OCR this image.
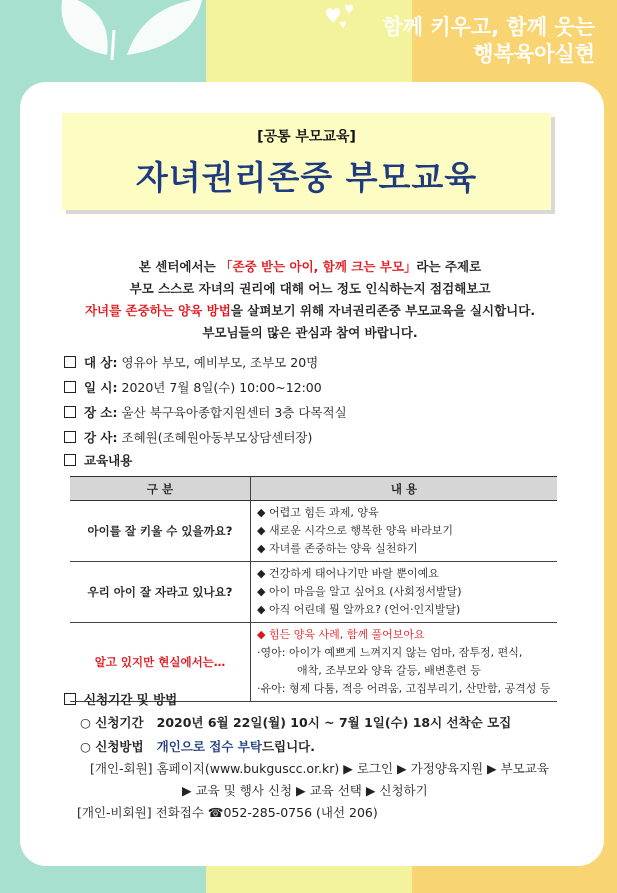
함께 키우고, 함께 웃는
행복육아실현
[공통 부모교육]
자녀권리존중 부모교육
본 센터에서는 「존중 받는 아이, 함께 크는 부모」라는 주제로
부모 스스로 자녀의 권리에 대해 어느 정도 인식하는지 점검해보고
자녀를 존중하는 양육 방법을 살펴보기 위해 자녀권리존중 부모교육을 실시합니다.
부모님들의 많은 관심과 참여 바랍니다.
대 상: 영유아 부모, 예비부모, 조부모 20명
일 시: 2020년 7월 8일(수) 10:00~12:00
장 소: 울산 북구육아종합지원센터 3층 다목적실
강 사: 조혜원(조혜원아동부모상담센터장)
교육내용
구 분	내 용
아이를 잘 키울 수 있을까요?	◆ 어렵고 힘든 과제, 양육
◆ 새로운 시각으로 행복한 양육 바라보기
◆ 자녀를 존중하는 양육 실천하기

우리 아이 잘 자라고 있나요?	◆ 건강하게 태어나기만 바랄 뿐이예요
◆ 아이 마음을 알고 싶어요 (사회정서발달)
◆ 아직 어린데 뭘 알까요? (언어·인지발달)

알고 있지만 현실에서는…	◆ 힘든 양육 사례, 함께 풀어보아요
·영아: 아이가 예쁘게 느껴지지 않는 엄마, 잠투정, 편식,
애착, 조부모와 양육 갈등, 배변훈련 등
·유아: 형제 다툼, 적응 어려움, 고집부리기, 산만함, 공격성 등
신청기간 및 방법
○ 신청기간 2020년 6월 22일(월) 10시 ~ 7월 1일(수) 18시 선착순 모집
○ 신청방법 개인으로 접수 부탁드립니다.
[개인-회원] 홈페이지(www.bukguscc.or.kr) ▶ 로그인 ▶ 가정양육지원 ▶ 부모교육
▶ 교육 및 행사 신청 ▶ 교육 선택 ▶ 신청하기
[개인-비회원] 전화접수 ☎052-285-0756 (내선 206)
